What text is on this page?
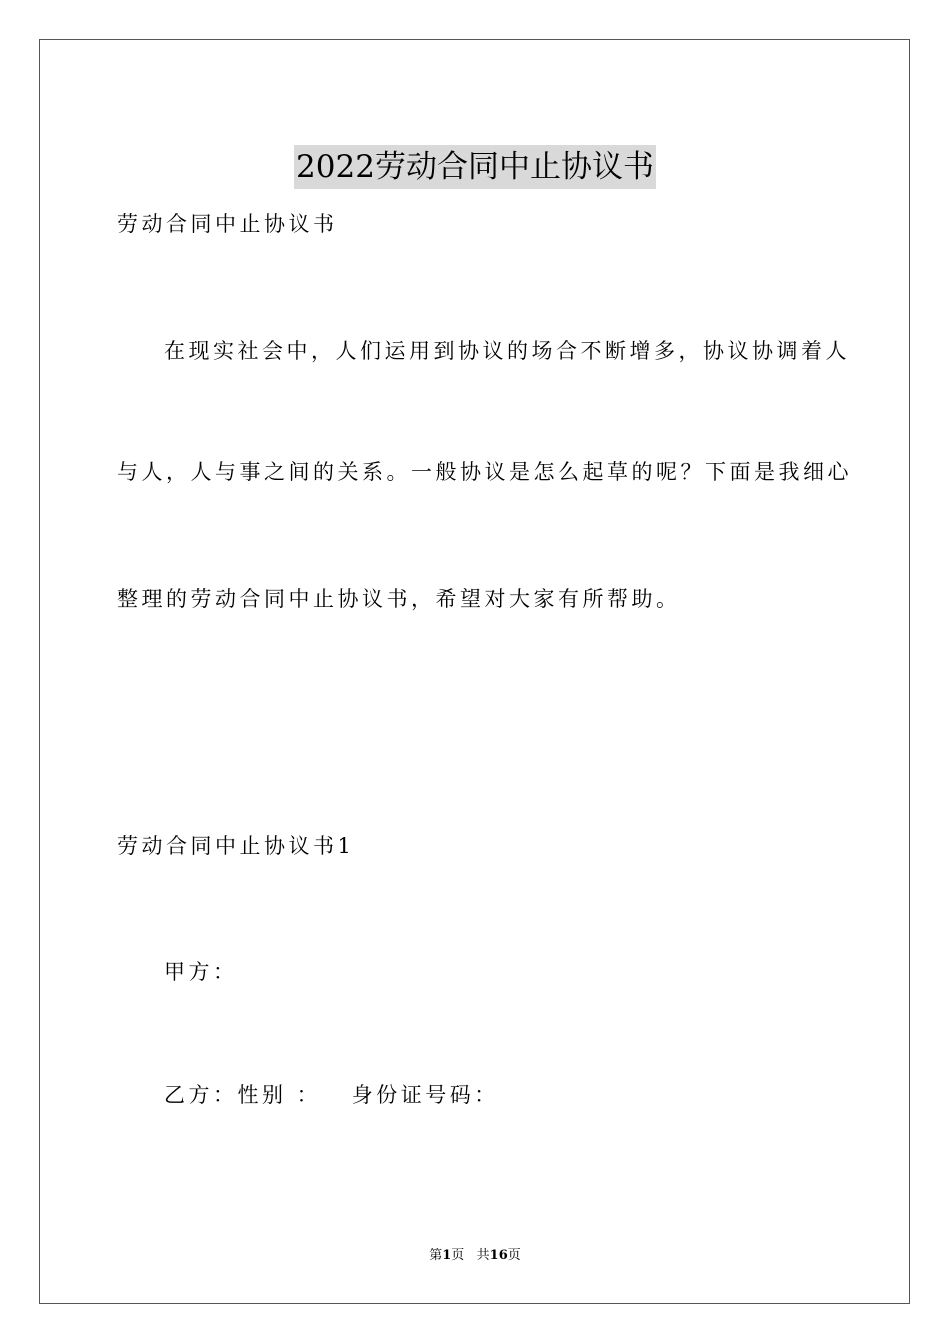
2022劳动合同中止协议书
劳动合同中止协议书
在现实社会中，人们运用到协议的场合不断增多，协议协调着人
与人，人与事之间的关系。一般协议是怎么起草的呢？下面是我细心
整理的劳动合同中止协议书，希望对大家有所帮助。
劳动合同中止协议书1
甲方：
乙方：性别 ：   身份证号码：
第1页   共16页
